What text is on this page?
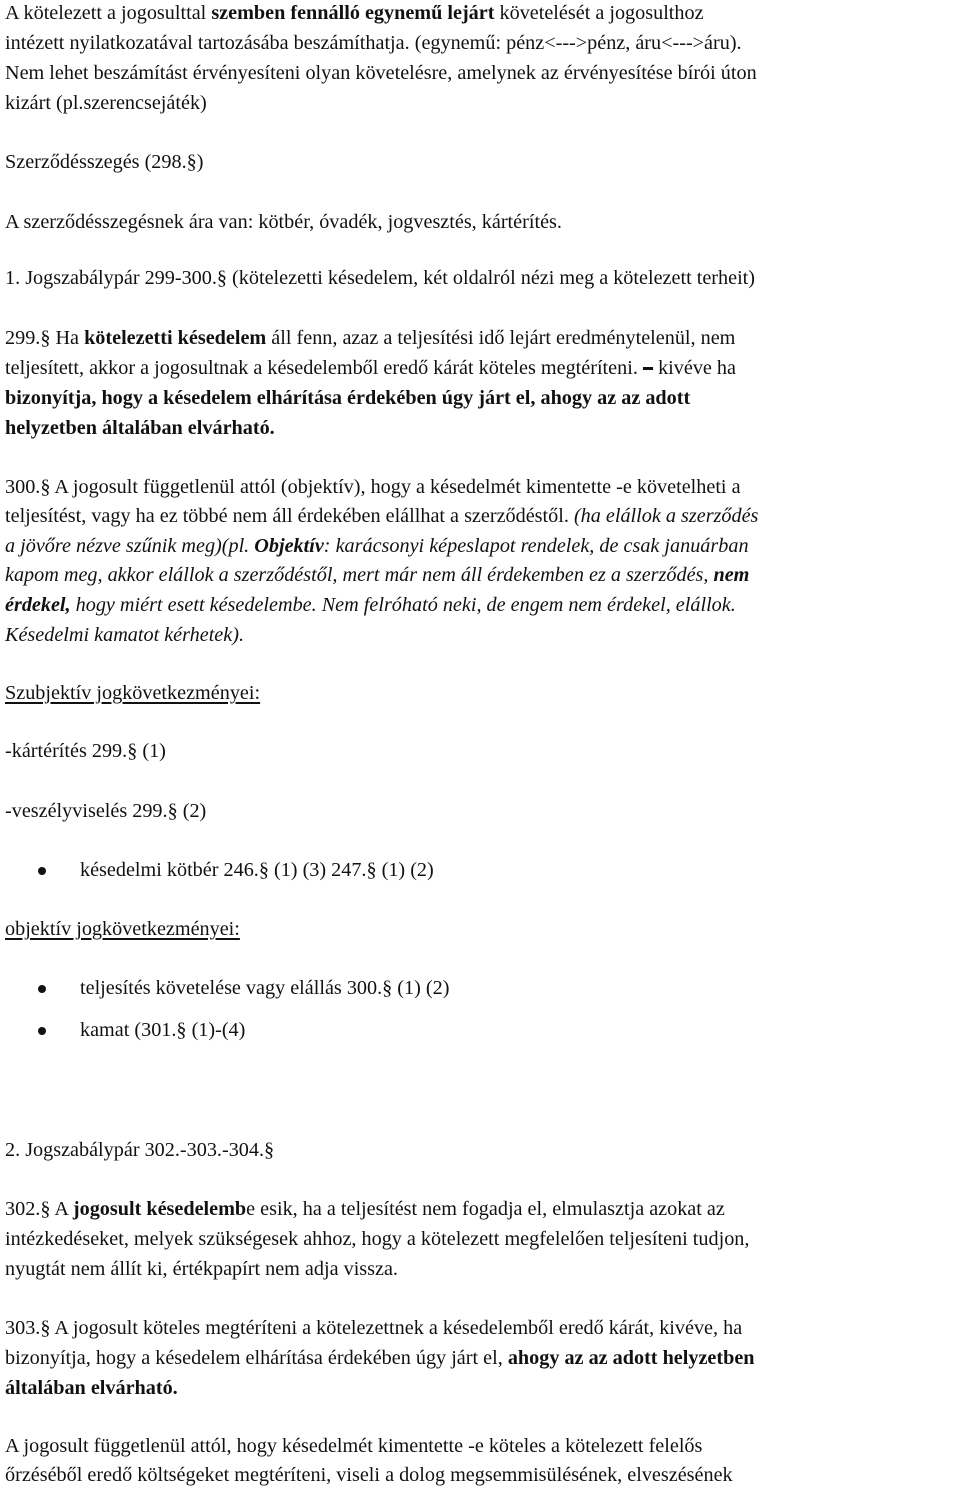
A kötelezett a jogosulttal szemben fennálló egynemű lejárt követelését a jogosulthoz
intézett nyilatkozatával tartozásába beszámíthatja. (egynemű: pénz<--->pénz, áru<--->áru).
Nem lehet beszámítást érvényesíteni olyan követelésre, amelynek az érvényesítése bírói úton
kizárt (pl.szerencsejáték)
Szerződésszegés (298.§)
A szerződésszegésnek ára van: kötbér, óvadék, jogvesztés, kártérítés.
1. Jogszabálypár 299-300.§ (kötelezetti késedelem, két oldalról nézi meg a kötelezett terheit)
299.§ Ha kötelezetti késedelem áll fenn, azaz a teljesítési idő lejárt eredménytelenül, nem
teljesített, akkor a jogosultnak a késedelemből eredő kárát köteles megtéríteni. – kivéve ha
bizonyítja, hogy a késedelem elhárítása érdekében úgy járt el, ahogy az az adott
helyzetben általában elvárható.
300.§ A jogosult függetlenül attól (objektív), hogy a késedelmét kimentette -e követelheti a
teljesítést, vagy ha ez többé nem áll érdekében elállhat a szerződéstől. (ha elállok a szerződés
a jövőre nézve szűnik meg)(pl. Objektív: karácsonyi képeslapot rendelek, de csak januárban
kapom meg, akkor elállok a szerződéstől, mert már nem áll érdekemben ez a szerződés, nem
érdekel, hogy miért esett késedelembe. Nem felróható neki, de engem nem érdekel, elállok.
Késedelmi kamatot kérhetek).
Szubjektív jogkövetkezményei:
-kártérítés 299.§ (1)
-veszélyviselés 299.§ (2)
késedelmi kötbér 246.§ (1) (3) 247.§ (1) (2)
objektív jogkövetkezményei:
teljesítés követelése vagy elállás 300.§ (1) (2)
kamat (301.§ (1)-(4)
2. Jogszabálypár 302.-303.-304.§
302.§ A jogosult késedelembe esik, ha a teljesítést nem fogadja el, elmulasztja azokat az
intézkedéseket, melyek szükségesek ahhoz, hogy a kötelezett megfelelően teljesíteni tudjon,
nyugtát nem állít ki, értékpapírt nem adja vissza.
303.§ A jogosult köteles megtéríteni a kötelezettnek a késedelemből eredő kárát, kivéve, ha
bizonyítja, hogy a késedelem elhárítása érdekében úgy járt el, ahogy az az adott helyzetben
általában elvárható.
A jogosult függetlenül attól, hogy késedelmét kimentette -e köteles a kötelezett felelős
őrzéséből eredő költségeket megtéríteni, viseli a dolog megsemmisülésének, elveszésének
